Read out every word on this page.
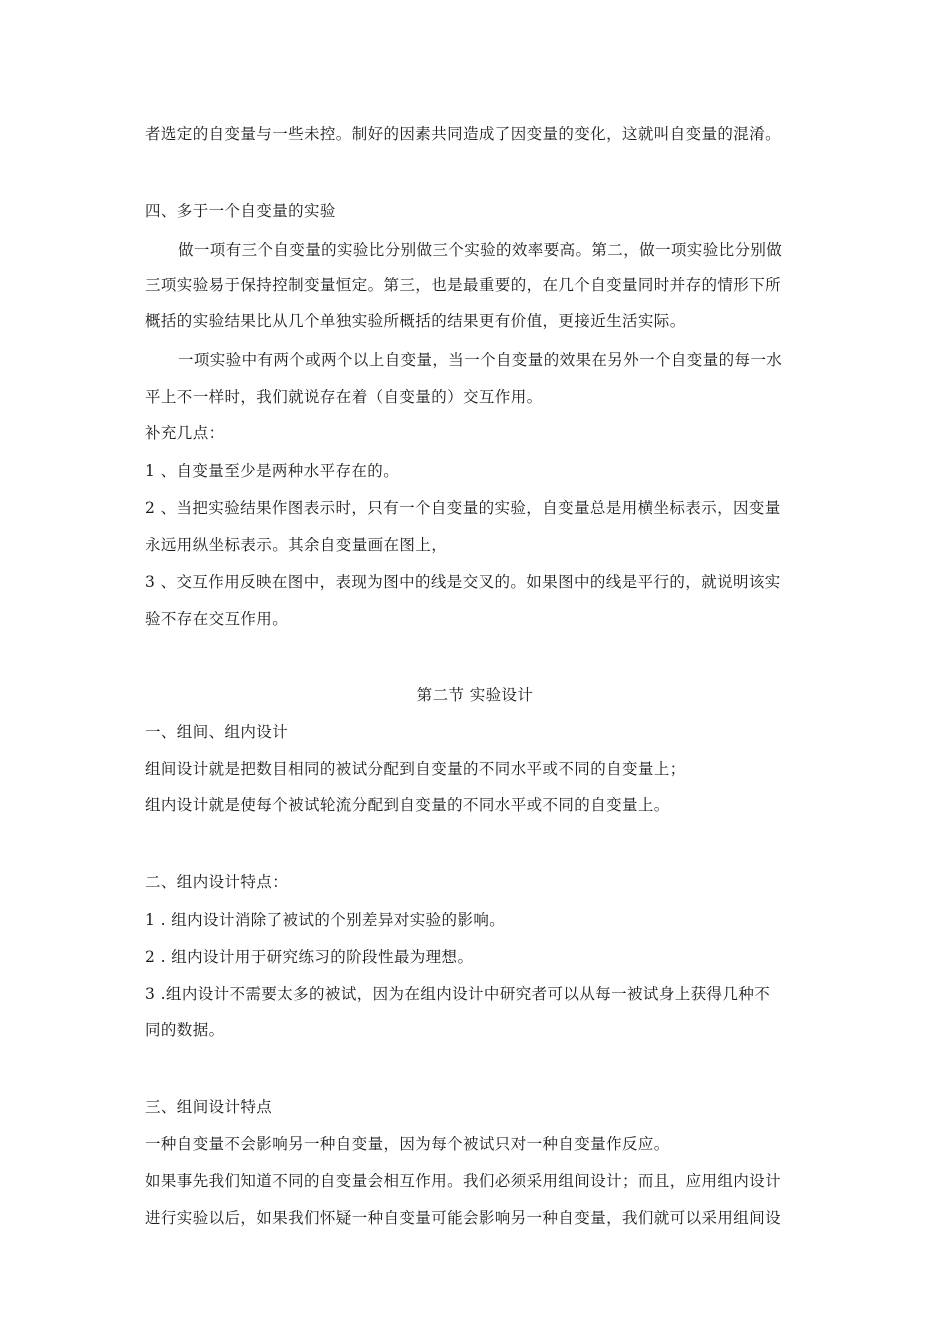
者选定的自变量与一些未控。制好的因素共同造成了因变量的变化，这就叫自变量的混淆。
四、多于一个自变量的实验
做一项有三个自变量的实验比分别做三个实验的效率要高。第二，做一项实验比分别做
三项实验易于保持控制变量恒定。第三，也是最重要的，在几个自变量同时并存的情形下所
概括的实验结果比从几个单独实验所概括的结果更有价值，更接近生活实际。
一项实验中有两个或两个以上自变量，当一个自变量的效果在另外一个自变量的每一水
平上不一样时，我们就说存在着（自变量的）交互作用。
补充几点：
1 、自变量至少是两种水平存在的。
2 、当把实验结果作图表示时，只有一个自变量的实验，自变量总是用横坐标表示，因变量
永远用纵坐标表示。其余自变量画在图上，
3 、交互作用反映在图中，表现为图中的线是交叉的。如果图中的线是平行的，就说明该实
验不存在交互作用。
第二节 实验设计
一、组间、组内设计
组间设计就是把数目相同的被试分配到自变量的不同水平或不同的自变量上；
组内设计就是使每个被试轮流分配到自变量的不同水平或不同的自变量上。
二、组内设计特点：
1 . 组内设计消除了被试的个别差异对实验的影响。
2 . 组内设计用于研究练习的阶段性最为理想。
3 .组内设计不需要太多的被试，因为在组内设计中研究者可以从每一被试身上获得几种不
同的数据。
三、组间设计特点
一种自变量不会影响另一种自变量，因为每个被试只对一种自变量作反应。
如果事先我们知道不同的自变量会相互作用。我们必须采用组间设计；而且，应用组内设计
进行实验以后，如果我们怀疑一种自变量可能会影响另一种自变量，我们就可以采用组间设
